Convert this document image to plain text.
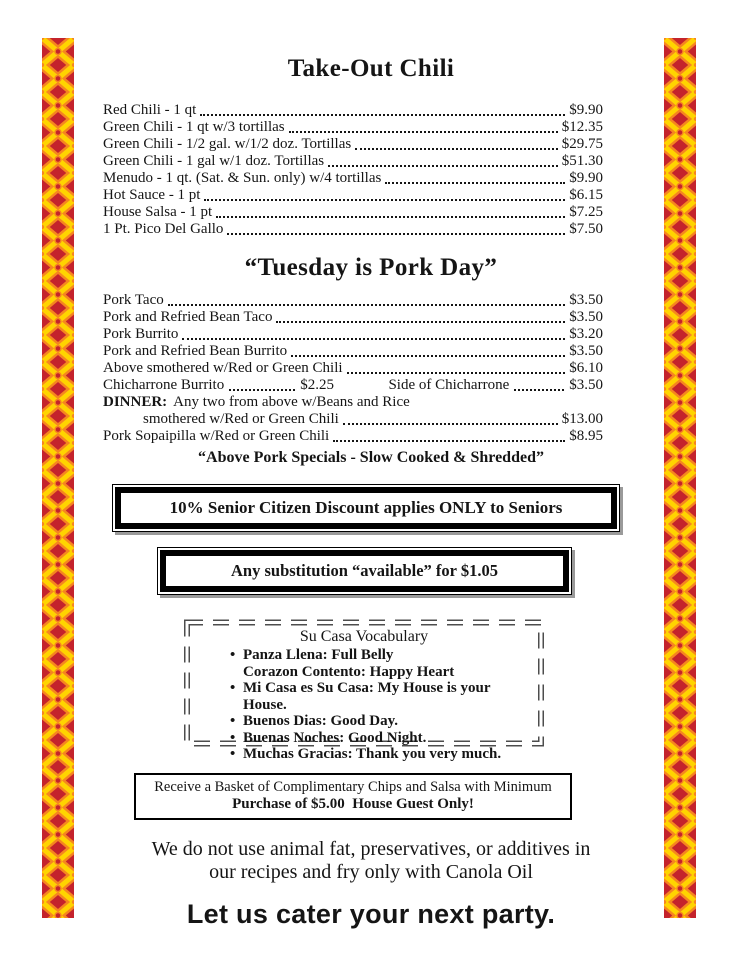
Take-Out Chili
Red Chili - 1 qt	$9.90
Green Chili - 1 qt w/3 tortillas	$12.35
Green Chili - 1/2 gal. w/1/2 doz. Tortillas	$29.75
Green Chili - 1 gal w/1 doz. Tortillas	$51.30
Menudo - 1 qt. (Sat. & Sun. only) w/4 tortillas	$9.90
Hot Sauce - 1 pt	$6.15
House Salsa - 1 pt	$7.25
1 Pt. Pico Del Gallo	$7.50
“Tuesday is Pork Day”
Pork Taco	$3.50
Pork and Refried Bean Taco	$3.50
Pork Burrito	$3.20
Pork and Refried Bean Burrito	$3.50
Above smothered w/Red or Green Chili	$6.10
Chicharrone Burrito	$2.25	Side of Chicharrone	$3.50
DINNER: Any two from above w/Beans and Rice
smothered w/Red or Green Chili	$13.00
Pork Sopaipilla w/Red or Green Chili	$8.95
“Above Pork Specials - Slow Cooked & Shredded”
10% Senior Citizen Discount applies ONLY to Seniors
Any substitution “available” for $1.05
Su Casa Vocabulary
• Panza Llena: Full Belly
Corazon Contento: Happy Heart
• Mi Casa es Su Casa: My House is your House.
• Buenos Dias: Good Day.
• Buenas Noches: Good Night.
• Muchas Gracias: Thank you very much.
Receive a Basket of Complimentary Chips and Salsa with Minimum
Purchase of $5.00  House Guest Only!
We do not use animal fat, preservatives, or additives in
our recipes and fry only with Canola Oil
Let us cater your next party.
